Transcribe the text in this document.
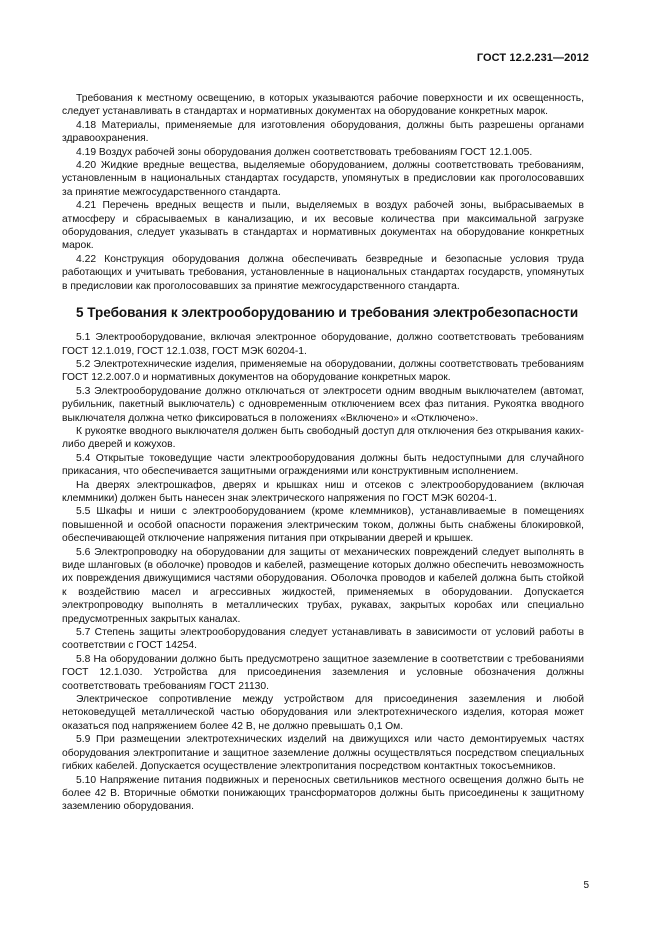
ГОСТ 12.2.231—2012

Требования к местному освещению, в которых указываются рабочие поверхности и их освещенность, следует устанавливать в стандартах и нормативных документах на оборудование конкретных марок.

4.18 Материалы, применяемые для изготовления оборудования, должны быть разрешены органами здравоохранения.

4.19 Воздух рабочей зоны оборудования должен соответствовать требованиям ГОСТ 12.1.005.

4.20 Жидкие вредные вещества, выделяемые оборудованием, должны соответствовать требованиям, установленным в национальных стандартах государств, упомянутых в предисловии как проголосовавших за принятие межгосударственного стандарта.

4.21 Перечень вредных веществ и пыли, выделяемых в воздух рабочей зоны, выбрасываемых в атмосферу и сбрасываемых в канализацию, и их весовые количества при максимальной загрузке оборудования, следует указывать в стандартах и нормативных документах на оборудование конкретных марок.

4.22 Конструкция оборудования должна обеспечивать безвредные и безопасные условия труда работающих и учитывать требования, установленные в национальных стандартах государств, упомянутых в предисловии как проголосовавших за принятие межгосударственного стандарта.

5 Требования к электрооборудованию и требования электробезопасности

5.1 Электрооборудование, включая электронное оборудование, должно соответствовать требованиям ГОСТ 12.1.019, ГОСТ 12.1.038, ГОСТ МЭК 60204-1.

5.2 Электротехнические изделия, применяемые на оборудовании, должны соответствовать требованиям ГОСТ 12.2.007.0 и нормативных документов на оборудование конкретных марок.

5.3 Электрооборудование должно отключаться от электросети одним вводным выключателем (автомат, рубильник, пакетный выключатель) с одновременным отключением всех фаз питания. Рукоятка вводного выключателя должна четко фиксироваться в положениях «Включено» и «Отключено».

К рукоятке вводного выключателя должен быть свободный доступ для отключения без открывания каких-либо дверей и кожухов.

5.4 Открытые токоведущие части электрооборудования должны быть недоступными для случайного прикасания, что обеспечивается защитными ограждениями или конструктивным исполнением.

На дверях электрошкафов, дверях и крышках ниш и отсеков с электрооборудованием (включая клеммники) должен быть нанесен знак электрического напряжения по ГОСТ МЭК 60204-1.

5.5 Шкафы и ниши с электрооборудованием (кроме клеммников), устанавливаемые в помещениях повышенной и особой опасности поражения электрическим током, должны быть снабжены блокировкой, обеспечивающей отключение напряжения питания при открывании дверей и крышек.

5.6 Электропроводку на оборудовании для защиты от механических повреждений следует выполнять в виде шланговых (в оболочке) проводов и кабелей, размещение которых должно обеспечить невозможность их повреждения движущимися частями оборудования. Оболочка проводов и кабелей должна быть стойкой к воздействию масел и агрессивных жидкостей, применяемых в оборудовании. Допускается электропроводку выполнять в металлических трубах, рукавах, закрытых коробах или специально предусмотренных закрытых каналах.

5.7 Степень защиты электрооборудования следует устанавливать в зависимости от условий работы в соответствии с ГОСТ 14254.

5.8 На оборудовании должно быть предусмотрено защитное заземление в соответствии с требованиями ГОСТ 12.1.030. Устройства для присоединения заземления и условные обозначения должны соответствовать требованиям ГОСТ 21130.

Электрическое сопротивление между устройством для присоединения заземления и любой нетоковедущей металлической частью оборудования или электротехнического изделия, которая может оказаться под напряжением более 42 В, не должно превышать 0,1 Ом.

5.9 При размещении электротехнических изделий на движущихся или часто демонтируемых частях оборудования электропитание и защитное заземление должны осуществляться посредством специальных гибких кабелей. Допускается осуществление электропитания посредством контактных токосъемников.

5.10 Напряжение питания подвижных и переносных светильников местного освещения должно быть не более 42 В. Вторичные обмотки понижающих трансформаторов должны быть присоединены к защитному заземлению оборудования.

5
